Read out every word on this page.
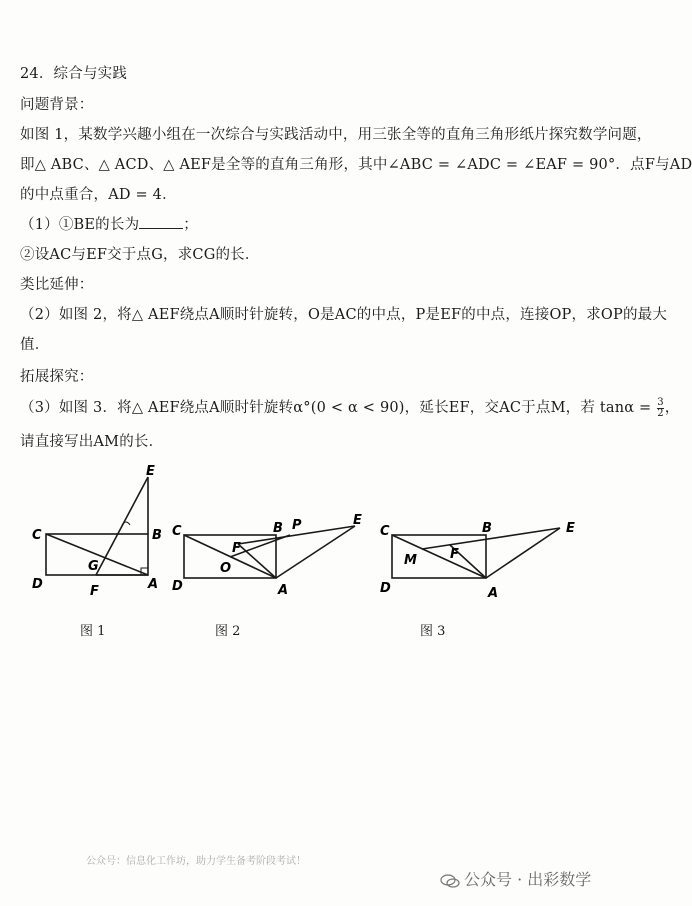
24．综合与实践
问题背景：
如图 1，某数学兴趣小组在一次综合与实践活动中，用三张全等的直角三角形纸片探究数学问题，
即△ ABC、△ ACD、△ AEF是全等的直角三角形，其中∠ABC = ∠ADC = ∠EAF = 90°．点F与AD
的中点重合，AD = 4．
（1）①BE的长为	；
②设AC与EF交于点G，求CG的长．
类比延伸：
（2）如图 2，将△ AEF绕点A顺时针旋转，O是AC的中点，P是EF的中点，连接OP，求OP的最大
值．
拓展探究：
（3）如图 3．将△ AEF绕点A顺时针旋转α°(0 < α < 90)，延长EF，交AC于点M，若 $\tan\alpha = \frac{3}{2}$ ，
请直接写出AM的长．
C	B
D	A
E
F
G
C	B P	E
F
O
D	A
C	B	E
F
M
D	A
图 1	图 2	图 3
公众号：信息化工作坊，助力学生备考阶段考试！
公众号 · 出彩数学
